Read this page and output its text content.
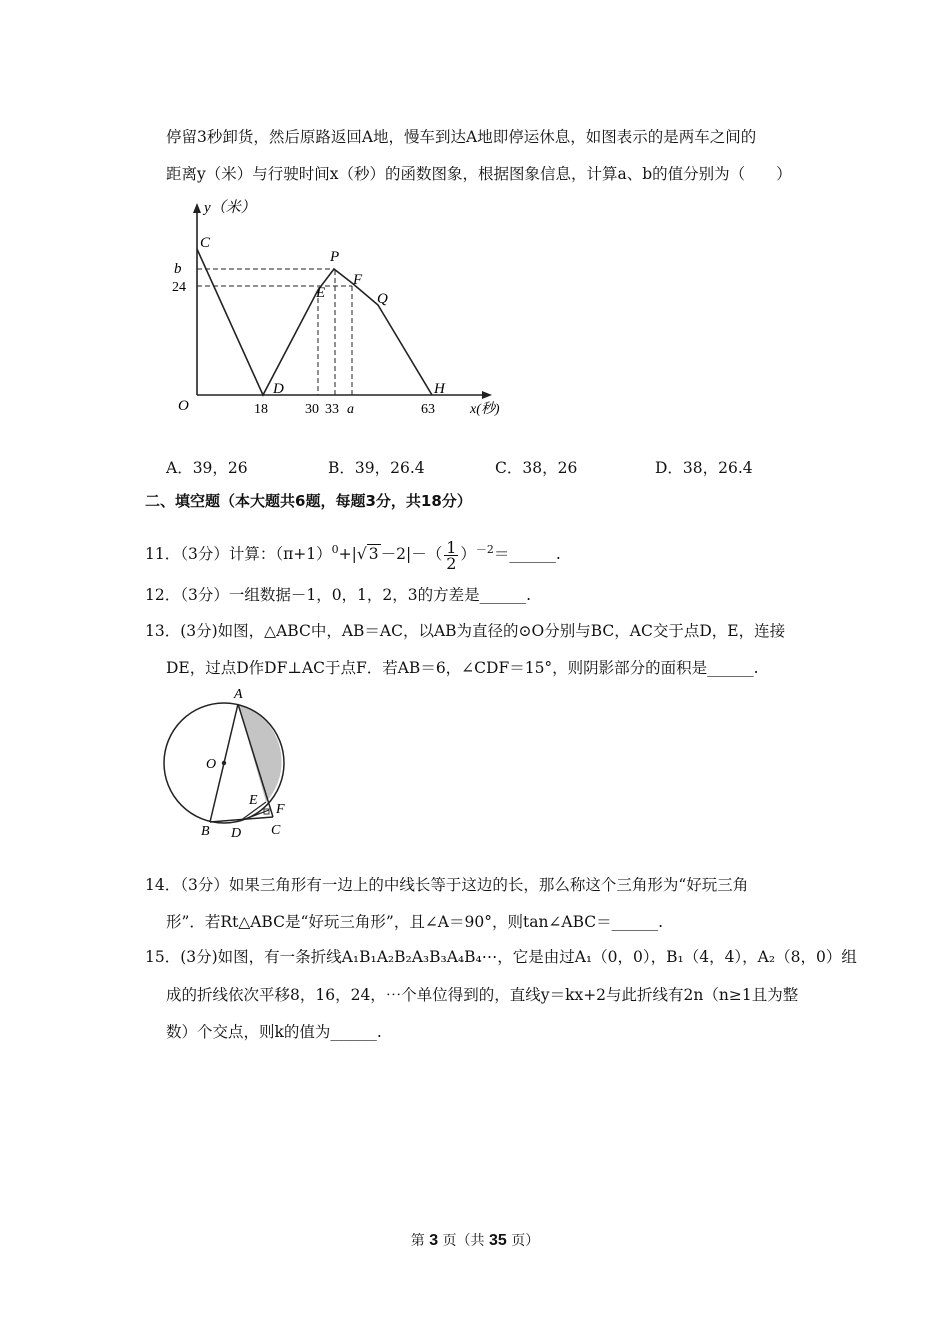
停留3秒卸货，然后原路返回A地，慢车到达A地即停运休息，如图表示的是两车之间的
距离y（米）与行驶时间x（秒）的函数图象，根据图象信息，计算a、b的值分别为（　　）
y（米）
C
b
24
P
F
E	Q
D	H
O	18	30 33 a	63	x(秒)
A．39，26	B．39，26.4	C．38，26	D．38，26.4
二、填空题（本大题共6题，每题3分，共18分）
11．（3分）计算：$(\pi+1)^0+|√$ $3 -2|-( \frac{1}{2}$ ）$^{-2}=\_\_\_\_\_\_$.
12．（3分）一组数据－1，0，1，2，3的方差是______.
13．(3分)如图，△ABC中，AB＝AC，以AB为直径的⊙O分别与BC，AC交于点D，E，连接
DE，过点D作DF⊥AC于点F．若AB＝6，∠CDF＝15°，则阴影部分的面积是______.
A
O
E
F
B D C
14．（3分）如果三角形有一边上的中线长等于这边的长，那么称这个三角形为“好玩三角
形”．若Rt△ABC是“好玩三角形”，且∠A＝90°，则tan∠ABC＝______.
15．(3分)如图，有一条折线A₁B₁A₂B₂A₃B₃A₄B₄⋯，它是由过A₁（0，0），B₁（4，4），A₂（8，0）组
成的折线依次平移8，16，24，⋯个单位得到的，直线y＝kx+2与此折线有2n（n≥1且为整
数）个交点，则k的值为______.
第 3 页（共 35 页）
